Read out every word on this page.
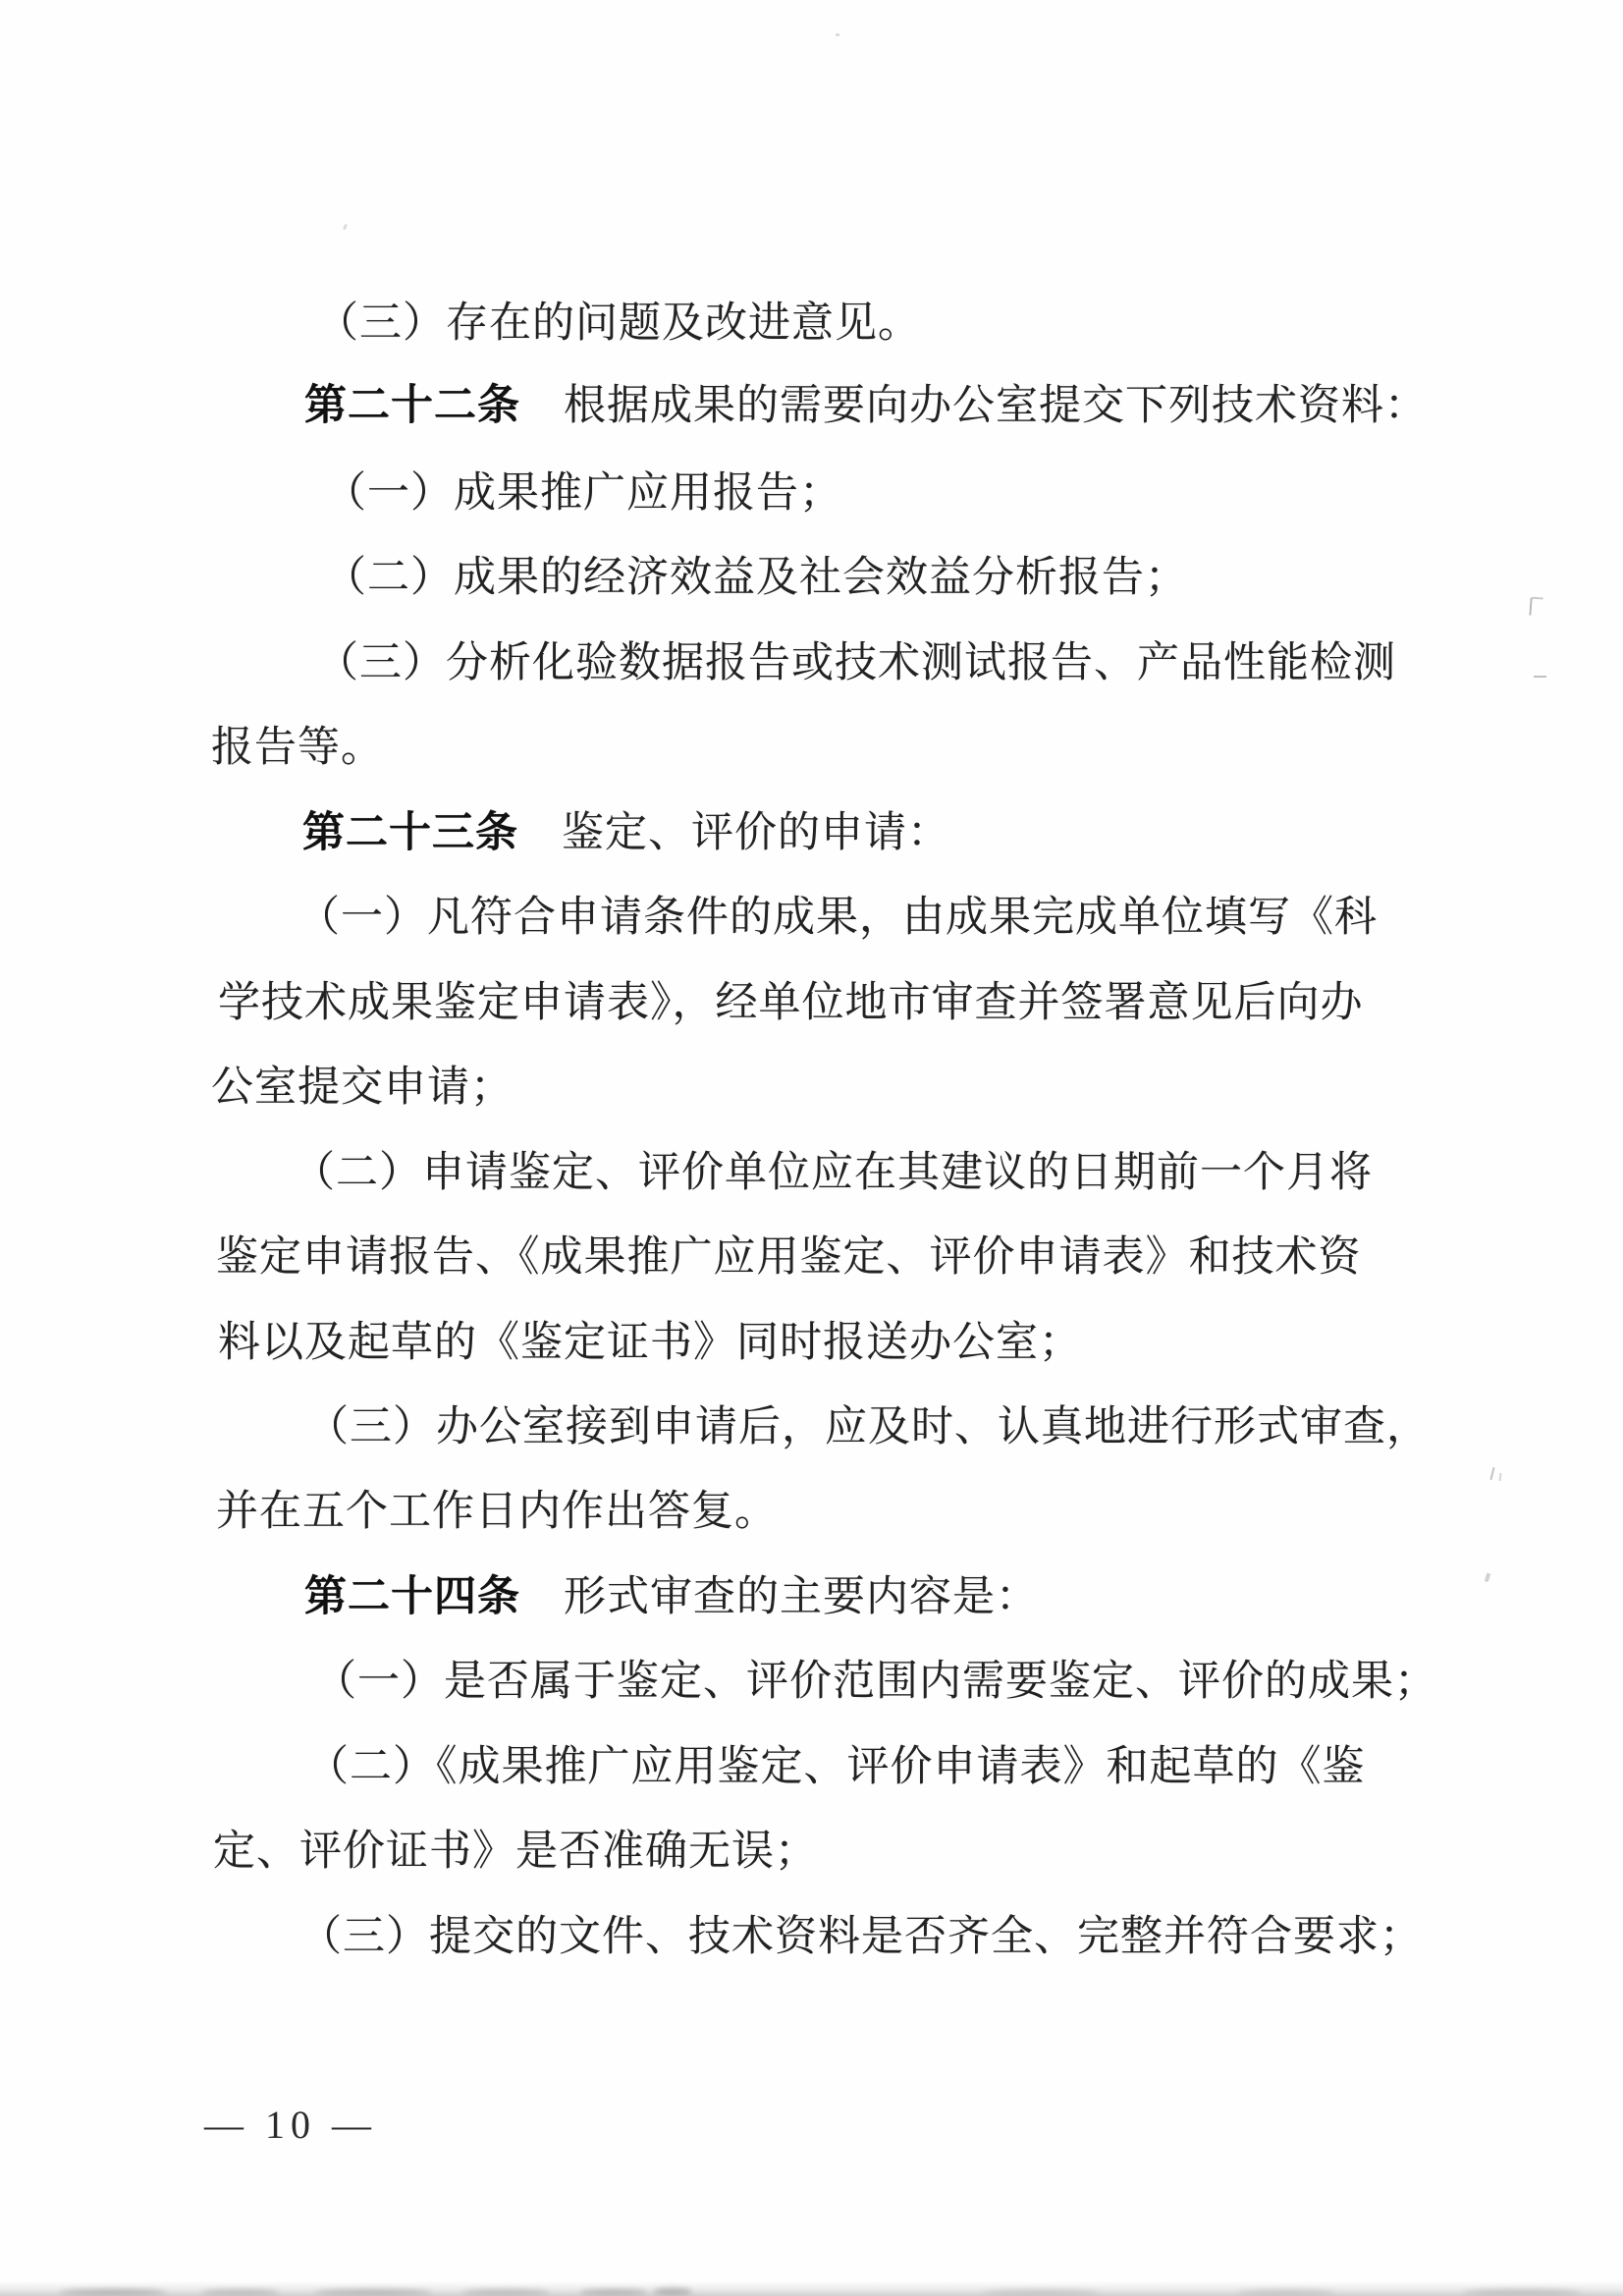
（三）存在的问题及改进意见。
第二十二条 根据成果的需要向办公室提交下列技术资料：
（一）成果推广应用报告；
（二）成果的经济效益及社会效益分析报告；
（三）分析化验数据报告或技术测试报告、产品性能检测
报告等。
第二十三条 鉴定、评价的申请：
（一）凡符合申请条件的成果，由成果完成单位填写《科
学技术成果鉴定申请表》，经单位地市审查并签署意见后向办
公室提交申请；
（二）申请鉴定、评价单位应在其建议的日期前一个月将
鉴定申请报告、《成果推广应用鉴定、评价申请表》和技术资
料以及起草的《鉴定证书》同时报送办公室；
（三）办公室接到申请后，应及时、认真地进行形式审查，
并在五个工作日内作出答复。
第二十四条 形式审查的主要内容是：
（一）是否属于鉴定、评价范围内需要鉴定、评价的成果；
（二）《成果推广应用鉴定、评价申请表》和起草的《鉴
定、评价证书》是否准确无误；
（三）提交的文件、技术资料是否齐全、完整并符合要求；
— 10 —
